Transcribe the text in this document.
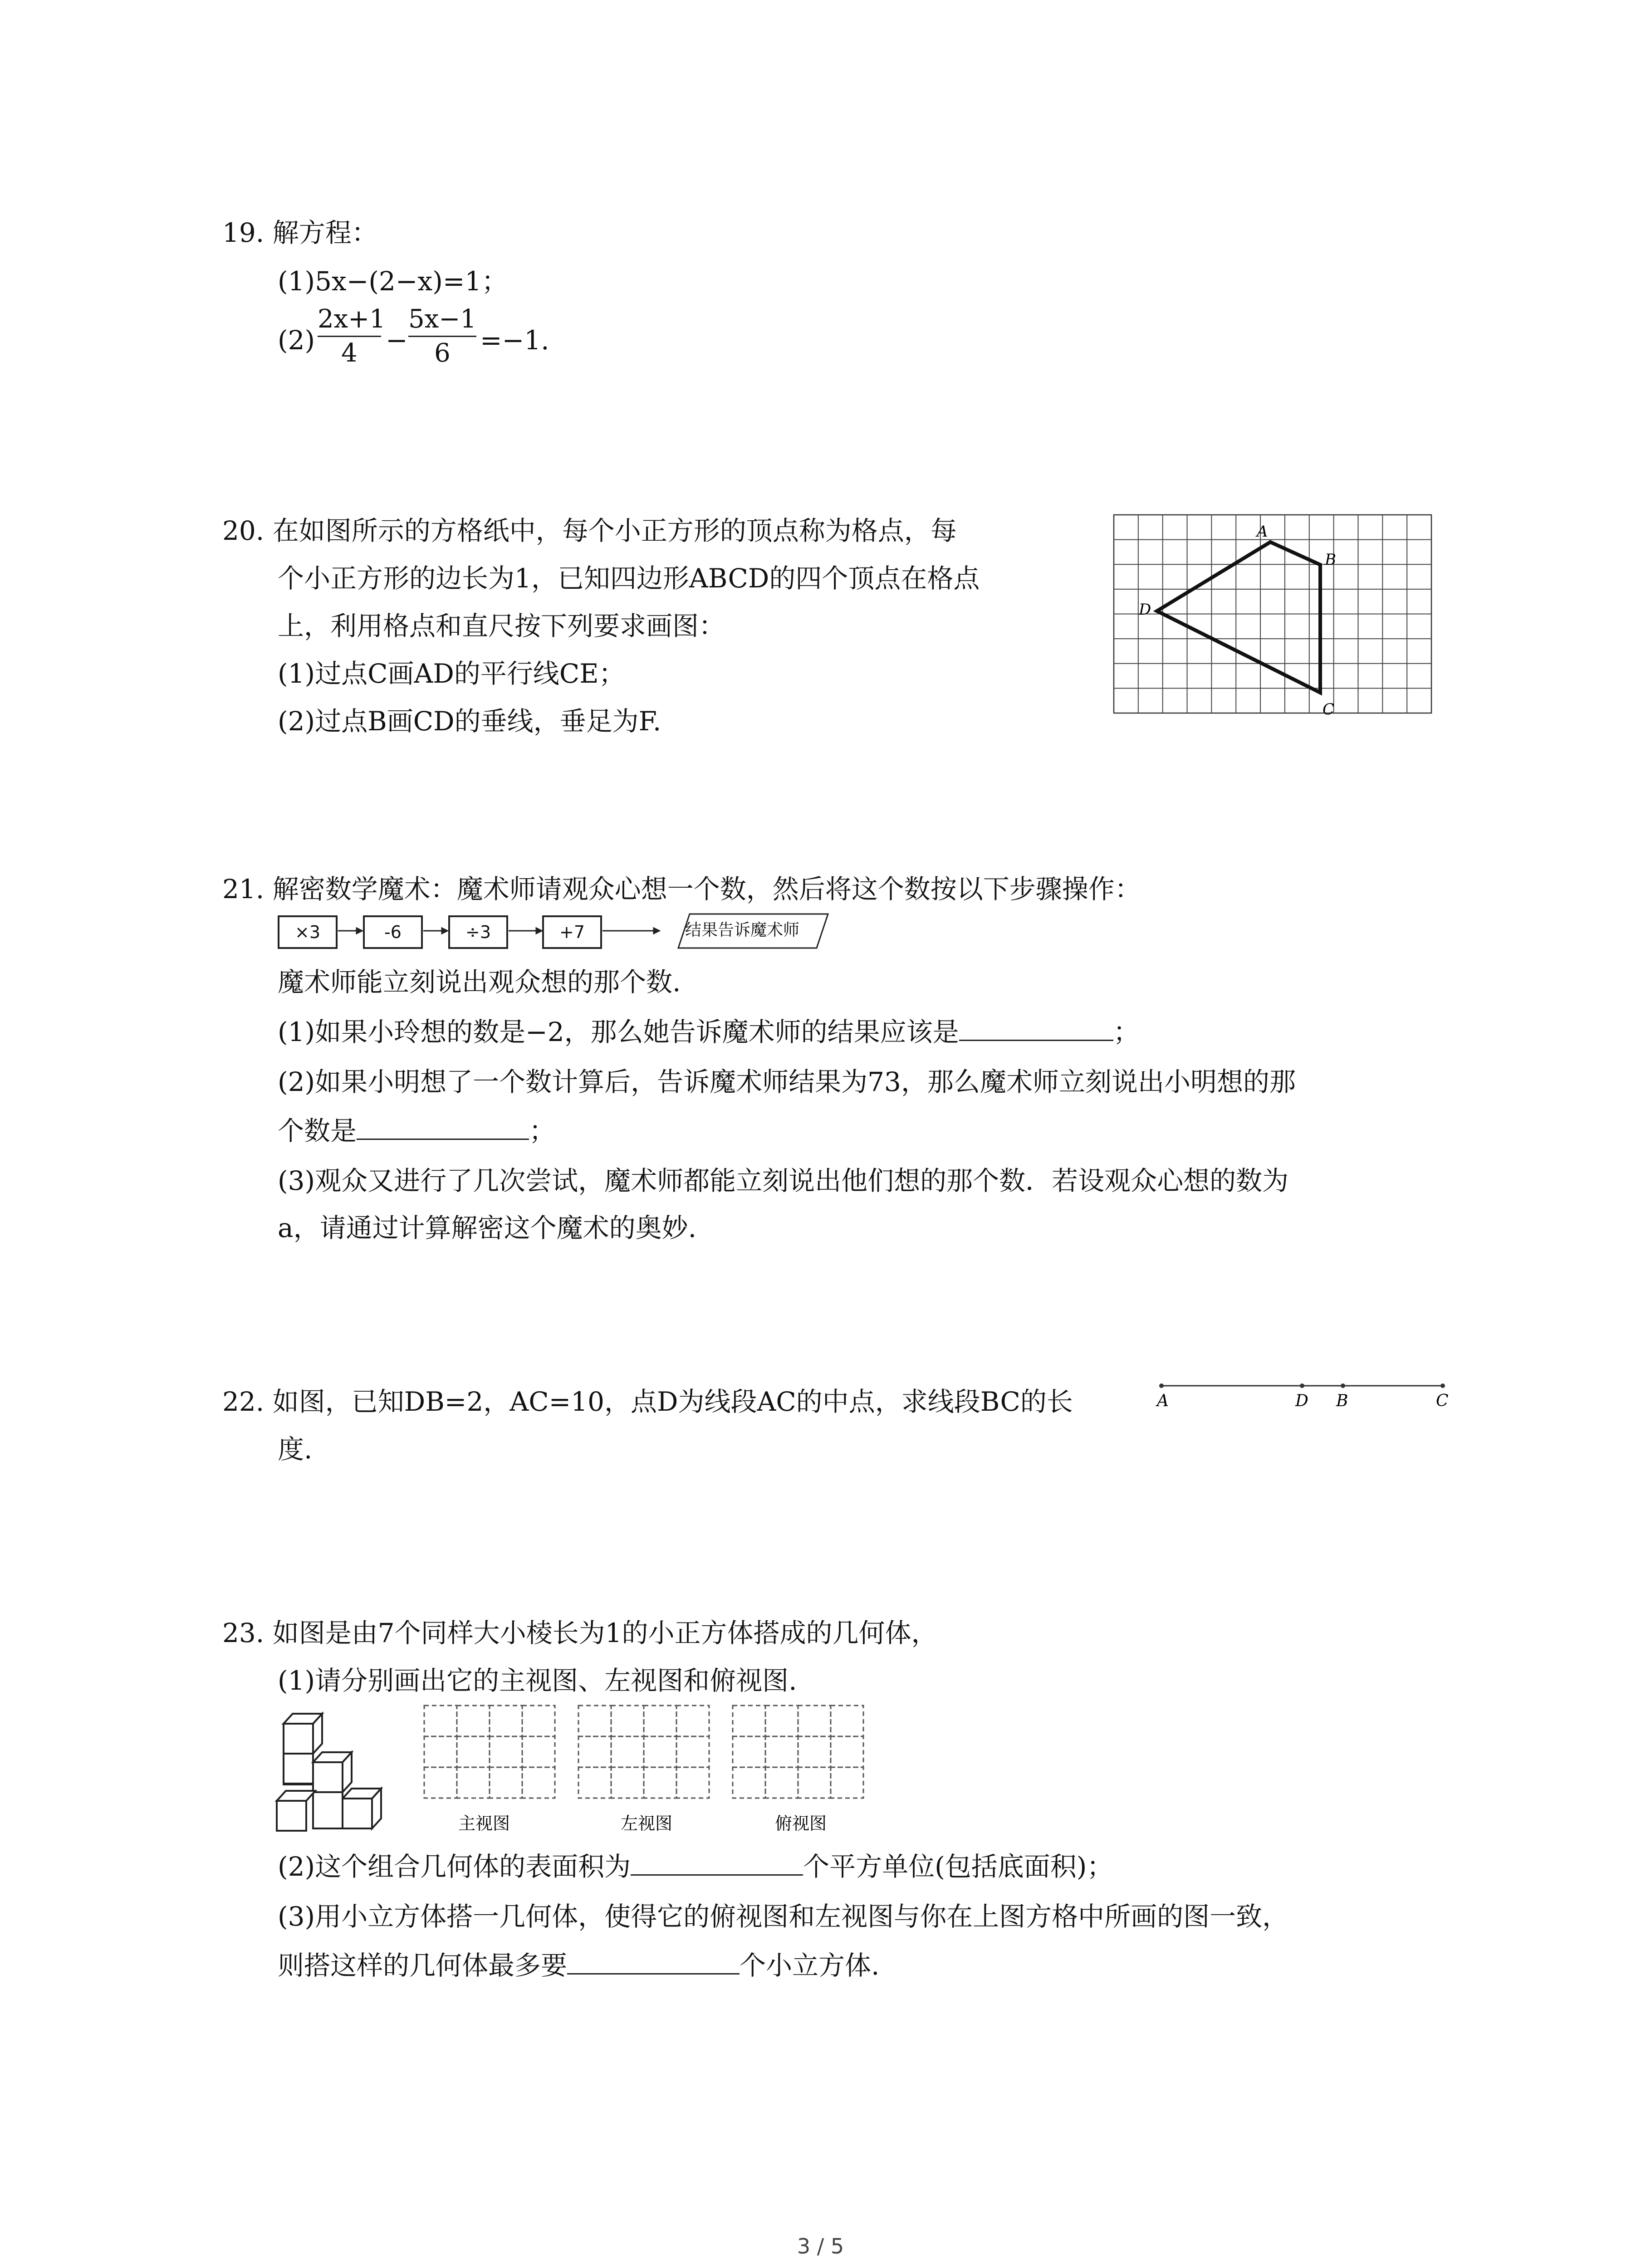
19. 解方程：
(1)5x−(2−x)=1；
(2)
2x+1
4	−
5x−1
6	=−1.
20. 在如图所示的方格纸中，每个小正方形的顶点称为格点，每
个小正方形的边长为1，已知四边形ABCD的四个顶点在格点
上，利用格点和直尺按下列要求画图：
(1)过点C画AD的平行线CE；
(2)过点B画CD的垂线，垂足为F.
A
B
C
D
21. 解密数学魔术：魔术师请观众心想一个数，然后将这个数按以下步骤操作：
×3	-6	÷3	+7	结果告诉魔术师
魔术师能立刻说出观众想的那个数.
(1)如果小玲想的数是−2，那么她告诉魔术师的结果应该是	；
(2)如果小明想了一个数计算后，告诉魔术师结果为73，那么魔术师立刻说出小明想的那
个数是	；
(3)观众又进行了几次尝试，魔术师都能立刻说出他们想的那个数．若设观众心想的数为
a，请通过计算解密这个魔术的奥妙.
22. 如图，已知DB=2，AC=10，点D为线段AC的中点，求线段BC的长
度.
A	D B	C
23. 如图是由7个同样大小棱长为1的小正方体搭成的几何体，
(1)请分别画出它的主视图、左视图和俯视图.
主视图	左视图	俯视图
(2)这个组合几何体的表面积为	个平方单位(包括底面积)；
(3)用小立方体搭一几何体，使得它的俯视图和左视图与你在上图方格中所画的图一致，
则搭这样的几何体最多要	个小立方体.
3 / 5
